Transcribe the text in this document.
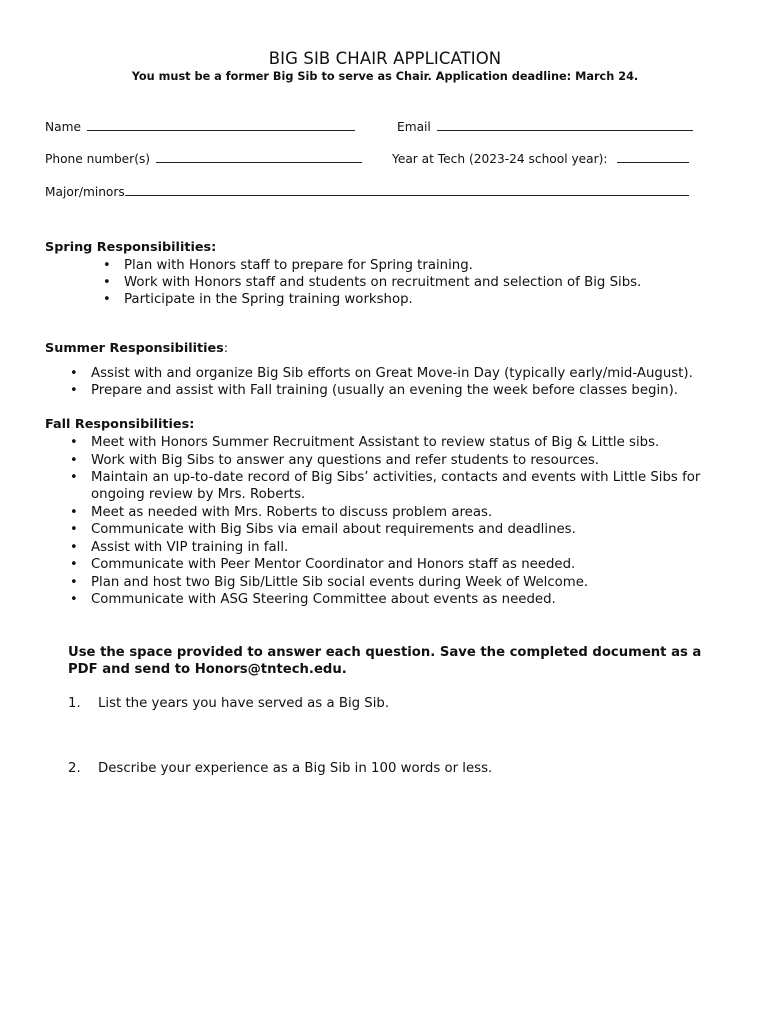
BIG SIB CHAIR APPLICATION
You must be a former Big Sib to serve as Chair. Application deadline: March 24.
Name	Email
Phone number(s)	Year at Tech (2023-24 school year):
Major/minors
Spring Responsibilities:
• Plan with Honors staff to prepare for Spring training.
• Work with Honors staff and students on recruitment and selection of Big Sibs.
• Participate in the Spring training workshop.
Summer Responsibilities:
• Assist with and organize Big Sib efforts on Great Move-in Day (typically early/mid-August).
• Prepare and assist with Fall training (usually an evening the week before classes begin).
Fall Responsibilities:
• Meet with Honors Summer Recruitment Assistant to review status of Big & Little sibs.
• Work with Big Sibs to answer any questions and refer students to resources.
• Maintain an up-to-date record of Big Sibs’ activities, contacts and events with Little Sibs for ongoing review by Mrs. Roberts.
• Meet as needed with Mrs. Roberts to discuss problem areas.
• Communicate with Big Sibs via email about requirements and deadlines.
• Assist with VIP training in fall.
• Communicate with Peer Mentor Coordinator and Honors staff as needed.
• Plan and host two Big Sib/Little Sib social events during Week of Welcome.
• Communicate with ASG Steering Committee about events as needed.
Use the space provided to answer each question. Save the completed document as a PDF and send to Honors@tntech.edu.
1. List the years you have served as a Big Sib.
2. Describe your experience as a Big Sib in 100 words or less.
